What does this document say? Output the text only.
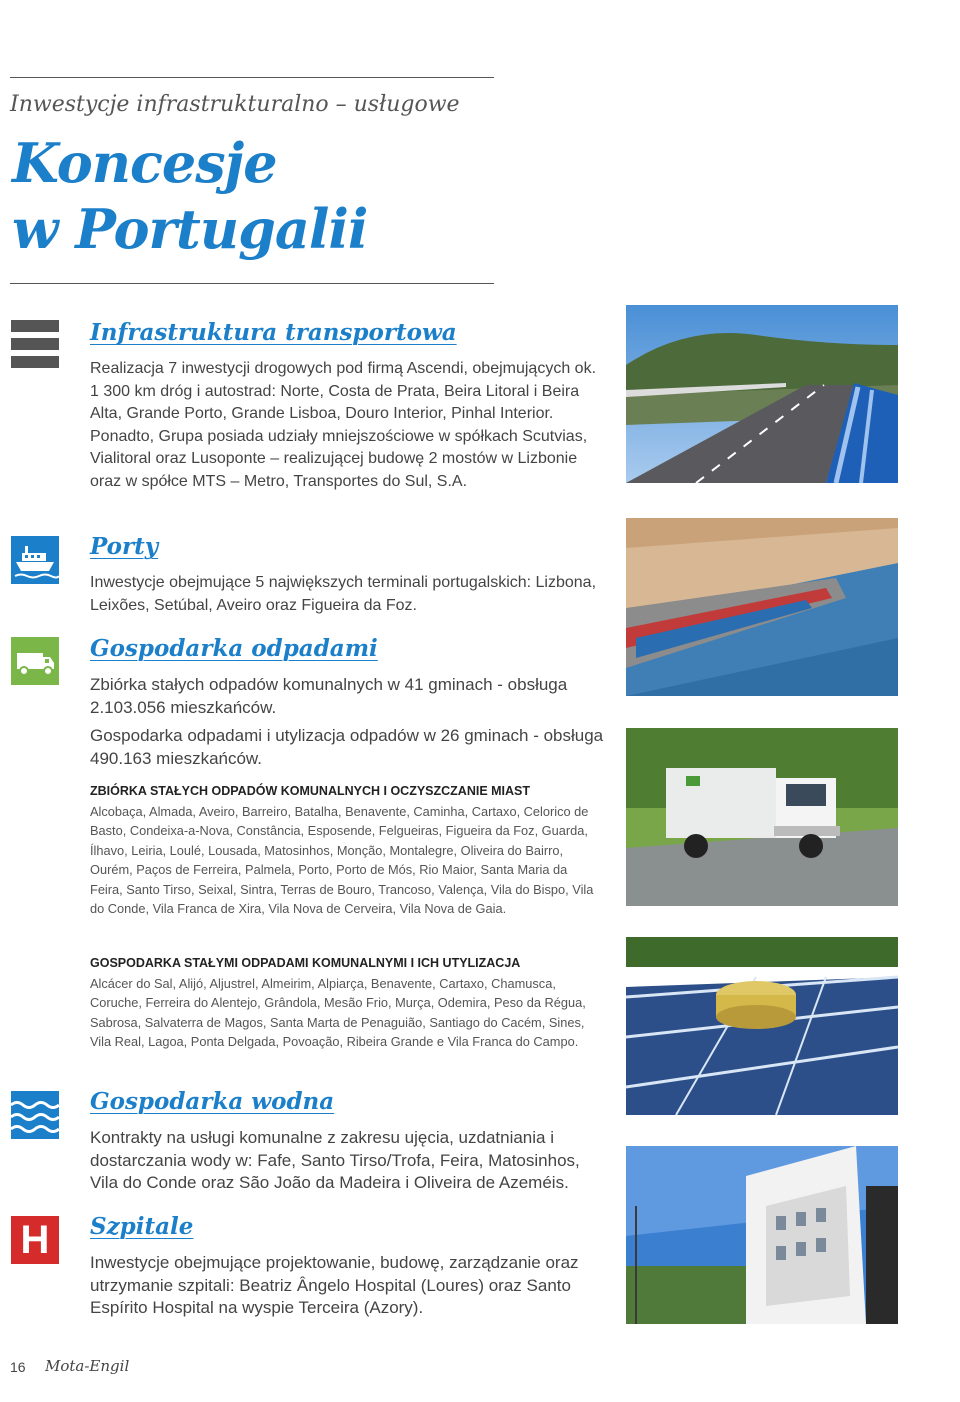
Inwestycje infrastrukturalno – usługowe
Koncesje
w Portugalii
Infrastruktura transportowa
Realizacja 7 inwestycji drogowych pod firmą Ascendi, obejmujących ok. 1 300 km dróg i autostrad: Norte, Costa de Prata, Beira Litoral i Beira Alta, Grande Porto, Grande Lisboa, Douro Interior, Pinhal Interior. Ponadto, Grupa posiada udziały mniejszościowe w spółkach Scutvias, Vialitoral oraz Lusoponte – realizującej budowę 2 mostów w Lizbonie oraz w spółce MTS – Metro, Transportes do Sul, S.A.
Porty
Inwestycje obejmujące 5 największych terminali portugalskich: Lizbona, Leixões, Setúbal, Aveiro oraz Figueira da Foz.
Gospodarka odpadami
Zbiórka stałych odpadów komunalnych w 41 gminach - obsługa 2.103.056 mieszkańców.
Gospodarka odpadami i utylizacja odpadów w 26 gminach - obsługa 490.163 mieszkańców.
ZBIÓRKA STAŁYCH ODPADÓW KOMUNALNYCH I OCZYSZCZANIE MIAST
Alcobaça, Almada, Aveiro, Barreiro, Batalha, Benavente, Caminha, Cartaxo, Celorico de Basto, Condeixa-a-Nova, Constância, Esposende, Felgueiras, Figueira da Foz, Guarda, Ílhavo, Leiria, Loulé, Lousada, Matosinhos, Monção, Montalegre, Oliveira do Bairro, Ourém, Paços de Ferreira, Palmela, Porto, Porto de Mós, Rio Maior, Santa Maria da Feira, Santo Tirso, Seixal, Sintra, Terras de Bouro, Trancoso, Valença, Vila do Bispo, Vila do Conde, Vila Franca de Xira, Vila Nova de Cerveira, Vila Nova de Gaia.
GOSPODARKA STAŁYMI ODPADAMI KOMUNALNYMI I ICH UTYLIZACJA
Alcácer do Sal, Alijó, Aljustrel, Almeirim, Alpiarça, Benavente, Cartaxo, Chamusca, Coruche, Ferreira do Alentejo, Grândola, Mesão Frio, Murça, Odemira, Peso da Régua, Sabrosa, Salvaterra de Magos, Santa Marta de Penaguião, Santiago do Cacém, Sines, Vila Real, Lagoa, Ponta Delgada, Povoação, Ribeira Grande e Vila Franca do Campo.
Gospodarka wodna
Kontrakty na usługi komunalne z zakresu ujęcia, uzdatniania i dostarczania wody w: Fafe, Santo Tirso/Trofa, Feira, Matosinhos, Vila do Conde oraz São João da Madeira i Oliveira de Azeméis.
H	Szpitale
Inwestycje obejmujące projektowanie, budowę, zarządzanie oraz utrzymanie szpitali: Beatriz Ângelo Hospital (Loures) oraz Santo Espírito Hospital na wyspie Terceira (Azory).
16 Mota-Engil
